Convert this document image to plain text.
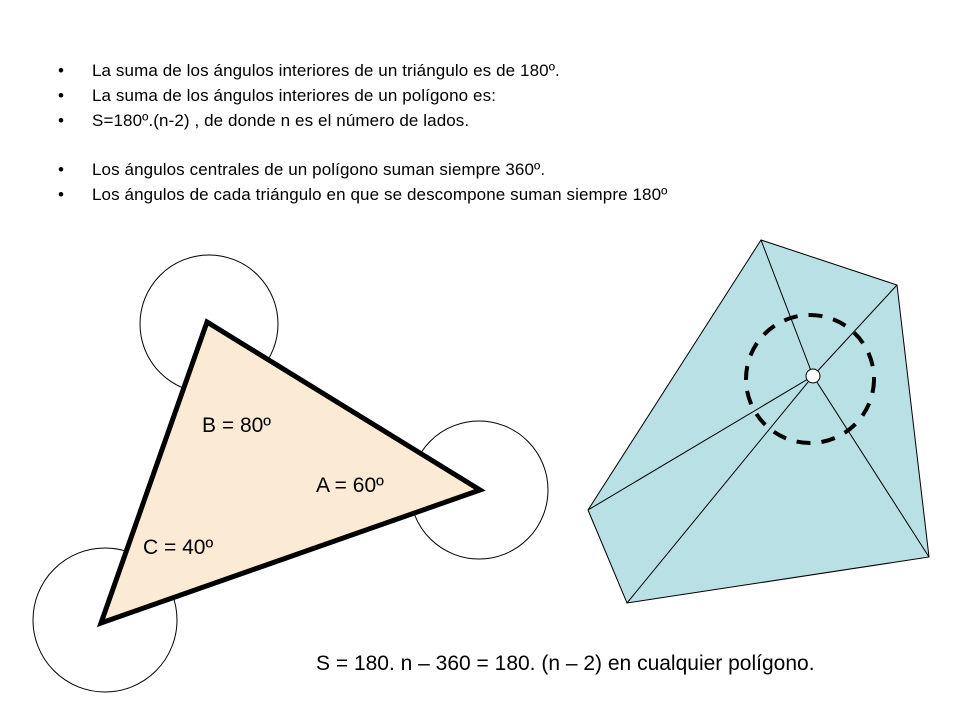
• La suma de los ángulos interiores de un triángulo es de 180º.
• La suma de los ángulos interiores de un polígono es:
• S=180º.(n-2) , de donde n es el número de lados.
• Los ángulos centrales de un polígono suman siempre 360º.
• Los ángulos de cada triángulo en que se descompone suman siempre 180º
B = 80º
A = 60º
C = 40º
S = 180. n – 360 = 180. (n – 2) en cualquier polígono.
